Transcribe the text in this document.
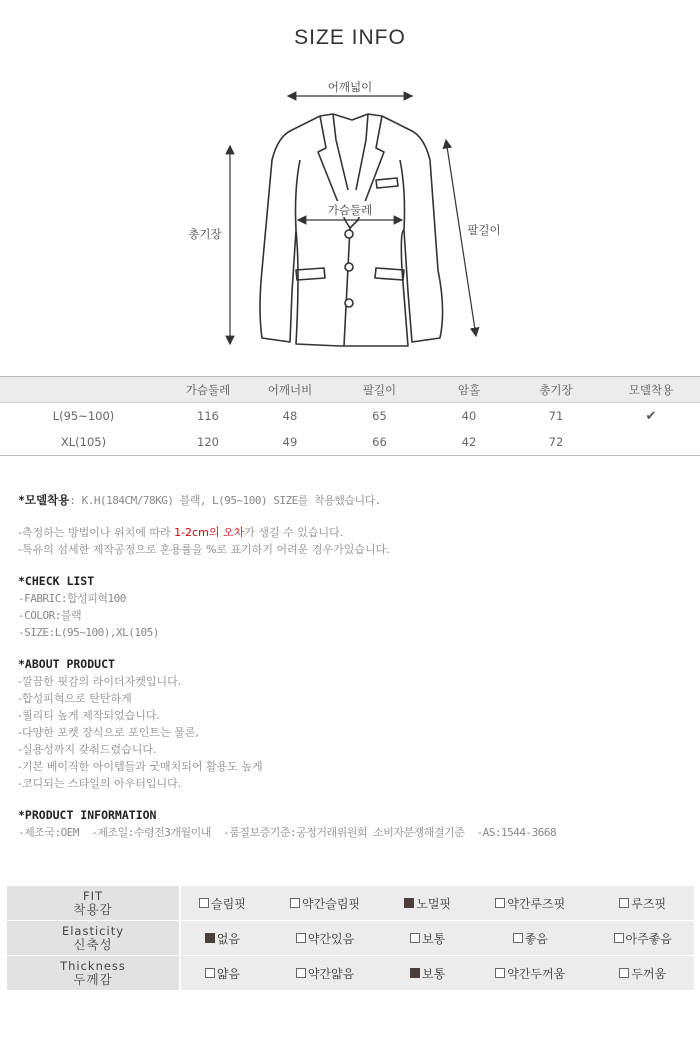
SIZE INFO
어깨넓이
가슴둘레
총기장	팔길이
	가슴둘레	어깨너비	팔길이	암홀	총기장	모델착용
L(95~100)	116	48	65	40	71	✔
XL(105)	120	49	66	42	72	

*모델착용: K.H(184CM/78KG) 블랙, L(95~100) SIZE를 착용했습니다.

-측정하는 방법이나 위치에 따라 1-2cm의 오차가 생길 수 있습니다.

-특유의 섬세한 제작공정으로 혼용률을 %로 표기하기 어려운 경우가있습니다.

*CHECK LIST

-FABRIC:합성피혁100

-COLOR:블랙

-SIZE:L(95~100),XL(105)

*ABOUT PRODUCT

-깔끔한 핏감의 라이더자켓입니다.

-합성피혁으로 탄탄하게

-퀄리티 높게 제작되었습니다.

-다양한 포켓 장식으로 포인트는 물론,

-실용성까지 갖춰드렸습니다.

-기본 베이직한 아이템들과 굿매치되어 활용도 높게

-코디되는 스타일의 아우터입니다.

*PRODUCT INFORMATION

-제조국:OEM  -제조일:수령전3개월이내  -품질보증기준:공정거래위원회 소비자분쟁해결기준  -AS:1544-3668

FIT
착용감	슬림핏	약간슬림핏	노멀핏	약간루즈핏	루즈핏

Elasticity
신축성	없음	약간있음	보통	좋음	아주좋음

Thickness
두께감	얇음	약간얇음	보통	약간두꺼움	두꺼움
